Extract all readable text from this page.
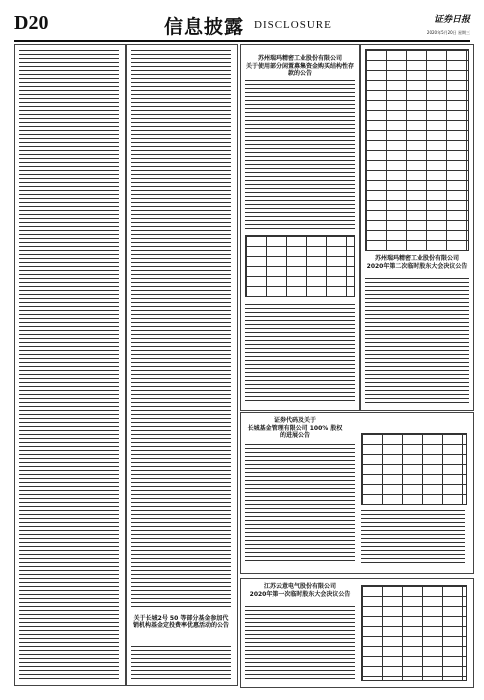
D20	信息披露 DISCLOSURE	证券日报
2020年5月20日 星期三
关于长城2号 50 等部分基金参加代销机构基金定投费率优惠活动的公告
苏州瑞玛精密工业股份有限公司
关于使用部分闲置募集资金购买结构性存款的公告
苏州瑞玛精密工业股份有限公司
2020年第二次临时股东大会决议公告
证券代码及关于
长城基金管理有限公司 100% 股权的进展公告
江苏云意电气股份有限公司
2020年第一次临时股东大会决议公告
